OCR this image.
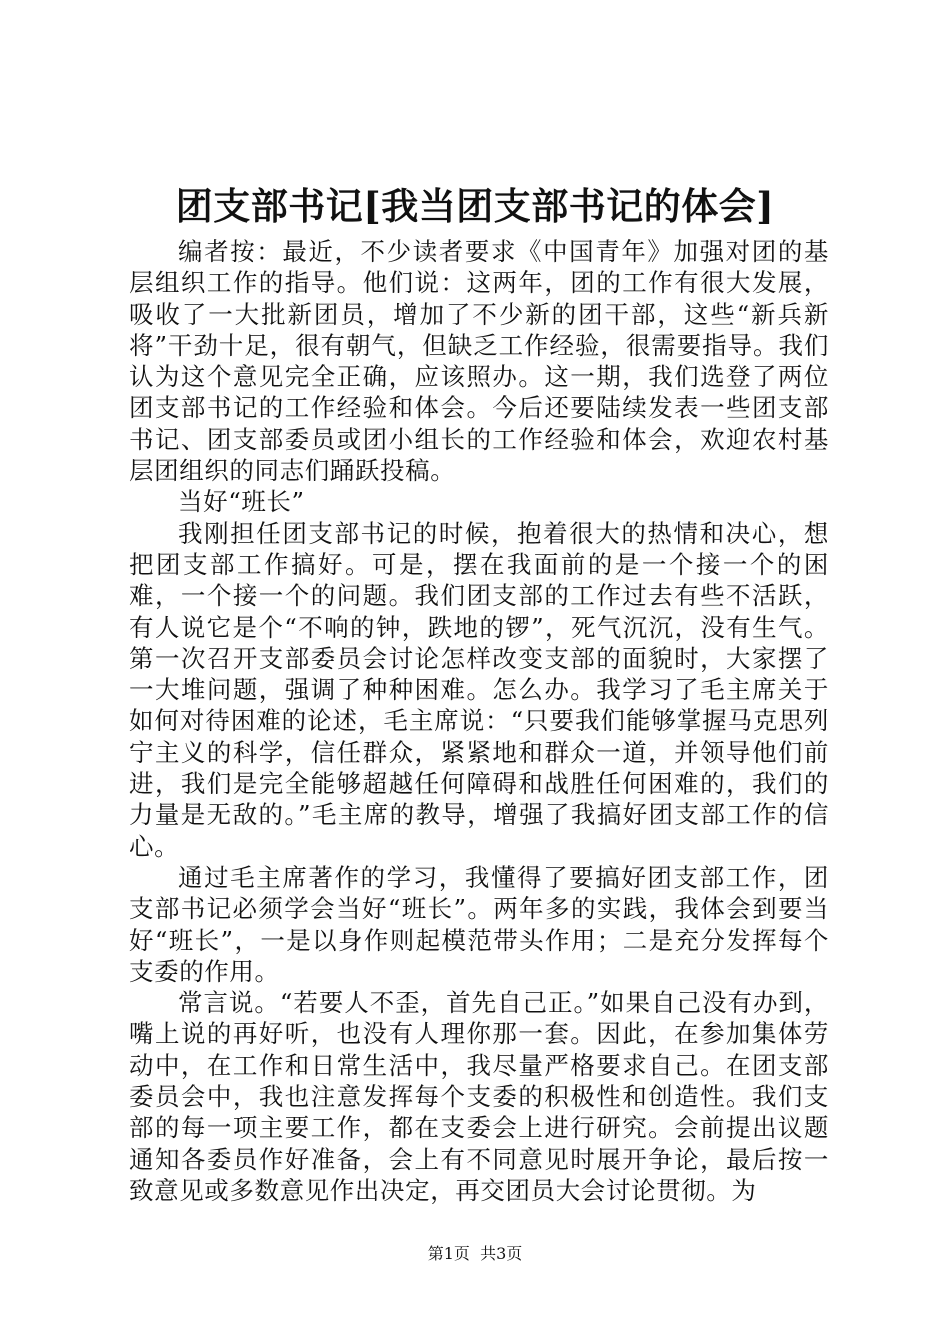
团支部书记[我当团支部书记的体会]

编者按：最近，不少读者要求《中国青年》加强对团的基层组织工作的指导。他们说：这两年，团的工作有很大发展，吸收了一大批新团员，增加了不少新的团干部，这些“新兵新将”干劲十足，很有朝气，但缺乏工作经验，很需要指导。我们认为这个意见完全正确，应该照办。这一期，我们选登了两位团支部书记的工作经验和体会。今后还要陆续发表一些团支部书记、团支部委员或团小组长的工作经验和体会，欢迎农村基层团组织的同志们踊跃投稿。

当好“班长”

我刚担任团支部书记的时候，抱着很大的热情和决心，想把团支部工作搞好。可是，摆在我面前的是一个接一个的困难，一个接一个的问题。我们团支部的工作过去有些不活跃，有人说它是个“不响的钟，跌地的锣”，死气沉沉，没有生气。第一次召开支部委员会讨论怎样改变支部的面貌时，大家摆了一大堆问题，强调了种种困难。怎么办。我学习了毛主席关于如何对待困难的论述，毛主席说：“只要我们能够掌握马克思列宁主义的科学，信任群众，紧紧地和群众一道，并领导他们前进，我们是完全能够超越任何障碍和战胜任何困难的，我们的力量是无敌的。”毛主席的教导，增强了我搞好团支部工作的信心。

通过毛主席著作的学习，我懂得了要搞好团支部工作，团支部书记必须学会当好“班长”。两年多的实践，我体会到要当好“班长”，一是以身作则起模范带头作用；二是充分发挥每个支委的作用。

常言说。“若要人不歪，首先自己正。”如果自己没有办到，嘴上说的再好听，也没有人理你那一套。因此，在参加集体劳动中，在工作和日常生活中，我尽量严格要求自己。在团支部委员会中，我也注意发挥每个支委的积极性和创造性。我们支部的每一项主要工作，都在支委会上进行研究。会前提出议题通知各委员作好准备，会上有不同意见时展开争论，最后按一致意见或多数意见作出决定，再交团员大会讨论贯彻。为

第1页 共3页
